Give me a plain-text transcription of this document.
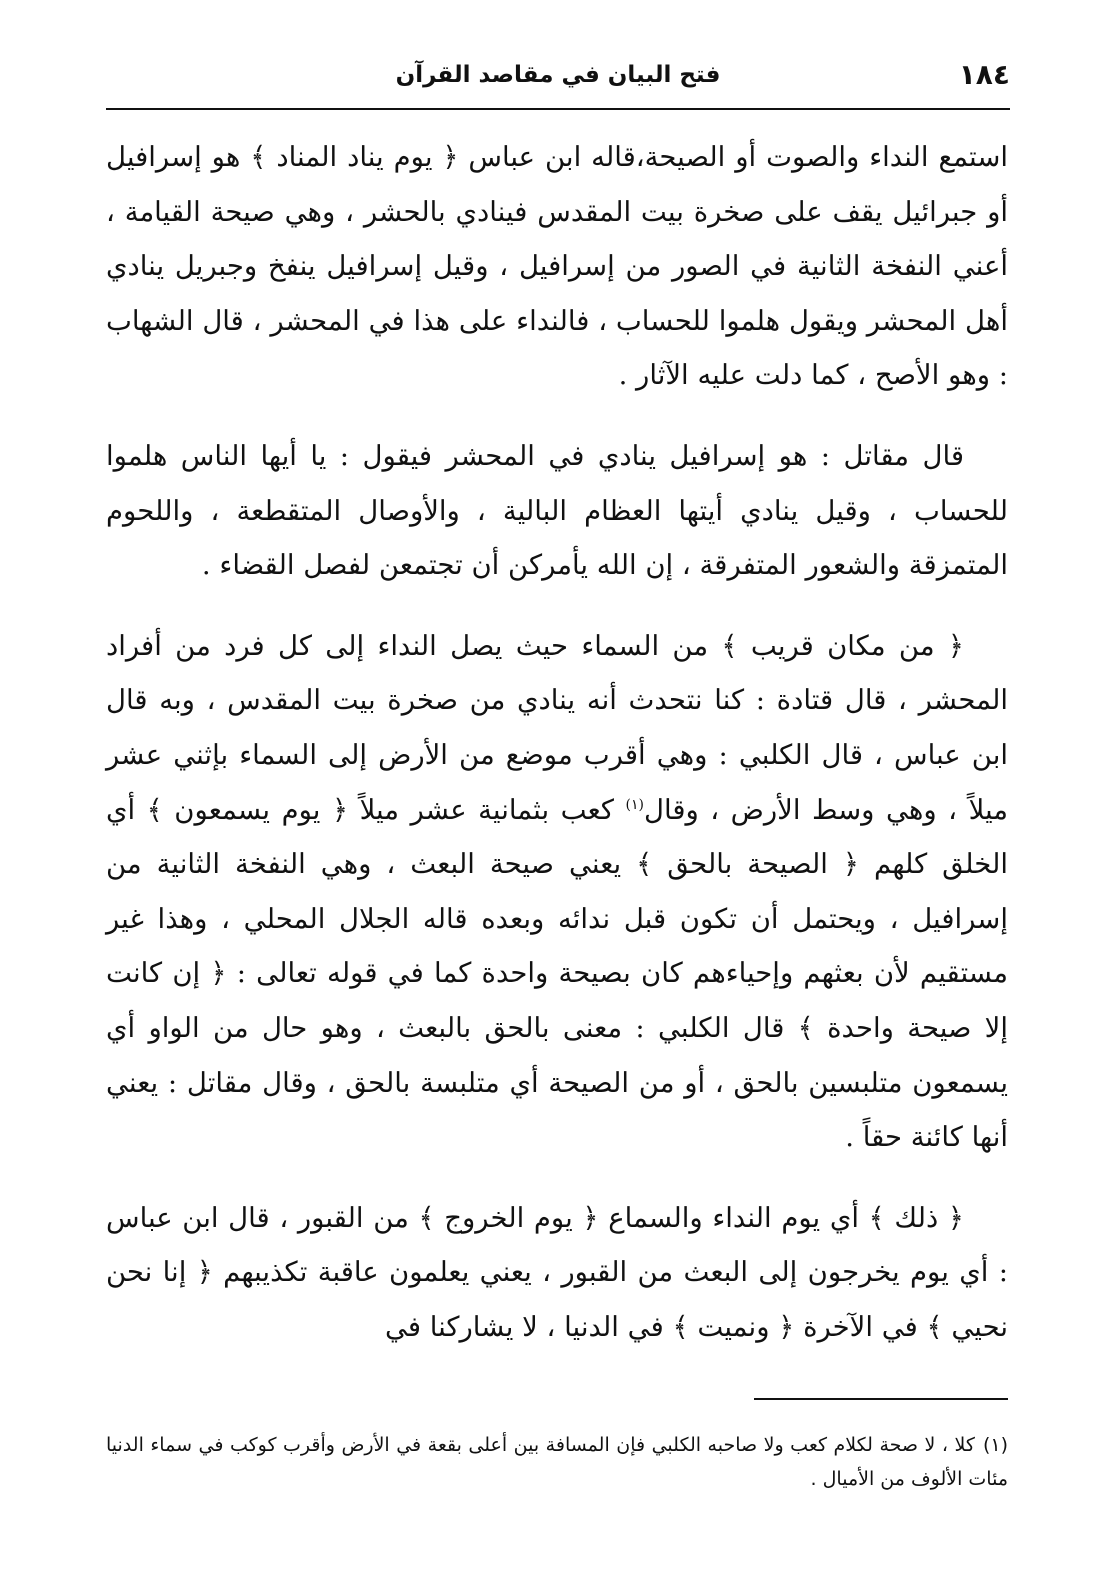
١٨٤
فتح البيان في مقاصد القرآن

استمع النداء والصوت أو الصيحة،قاله ابن عباس ﴿ يوم يناد المناد ﴾ هو إسرافيل أو جبرائيل يقف على صخرة بيت المقدس فينادي بالحشر ، وهي صيحة القيامة ، أعني النفخة الثانية في الصور من إسرافيل ، وقيل إسرافيل ينفخ وجبريل ينادي أهل المحشر ويقول هلموا للحساب ، فالنداء على هذا في المحشر ، قال الشهاب : وهو الأصح ، كما دلت عليه الآثار .

قال مقاتل : هو إسرافيل ينادي في المحشر فيقول : يا أيها الناس هلموا للحساب ، وقيل ينادي أيتها العظام البالية ، والأوصال المتقطعة ، واللحوم المتمزقة والشعور المتفرقة ، إن الله يأمركن أن تجتمعن لفصل القضاء .

﴿ من مكان قريب ﴾ من السماء حيث يصل النداء إلى كل فرد من أفراد المحشر ، قال قتادة : كنا نتحدث أنه ينادي من صخرة بيت المقدس ، وبه قال ابن عباس ، قال الكلبي : وهي أقرب موضع من الأرض إلى السماء بإثني عشر ميلاً ، وهي وسط الأرض ، وقال$^{(١)}$ كعب بثمانية عشر ميلاً ﴿ يوم يسمعون ﴾ أي الخلق كلهم ﴿ الصيحة بالحق ﴾ يعني صيحة البعث ، وهي النفخة الثانية من إسرافيل ، ويحتمل أن تكون قبل ندائه وبعده قاله الجلال المحلي ، وهذا غير مستقيم لأن بعثهم وإحياءهم كان بصيحة واحدة كما في قوله تعالى : ﴿ إن كانت إلا صيحة واحدة ﴾ قال الكلبي : معنى بالحق بالبعث ، وهو حال من الواو أي يسمعون متلبسين بالحق ، أو من الصيحة أي متلبسة بالحق ، وقال مقاتل : يعني أنها كائنة حقاً .

﴿ ذلك ﴾ أي يوم النداء والسماع ﴿ يوم الخروج ﴾ من القبور ، قال ابن عباس : أي يوم يخرجون إلى البعث من القبور ، يعني يعلمون عاقبة تكذيبهم ﴿ إنا نحن نحيي ﴾ في الآخرة ﴿ ونميت ﴾ في الدنيا ، لا يشاركنا في

(١)كلا ، لا صحة لكلام كعب ولا صاحبه الكلبي فإن المسافة بين أعلى بقعة في الأرض وأقرب كوكب في سماء الدنيا مئات الألوف من الأميال .
